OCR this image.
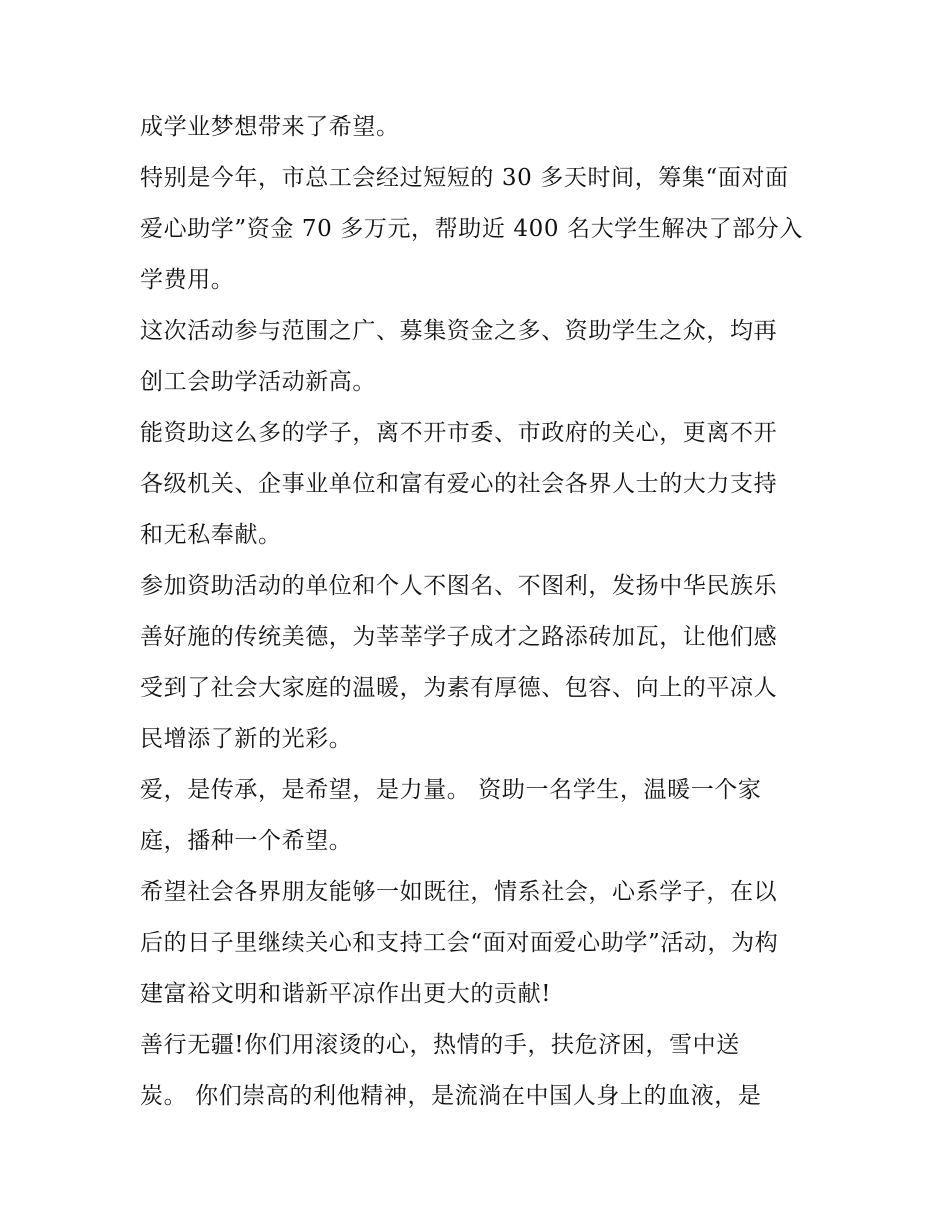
成学业梦想带来了希望。
特别是今年，市总工会经过短短的 30 多天时间，筹集“面对面
爱心助学”资金 70 多万元，帮助近 400 名大学生解决了部分入
学费用。
这次活动参与范围之广、募集资金之多、资助学生之众，均再
创工会助学活动新高。
能资助这么多的学子，离不开市委、市政府的关心，更离不开
各级机关、企事业单位和富有爱心的社会各界人士的大力支持
和无私奉献。
参加资助活动的单位和个人不图名、不图利，发扬中华民族乐
善好施的传统美德，为莘莘学子成才之路添砖加瓦，让他们感
受到了社会大家庭的温暖，为素有厚德、包容、向上的平凉人
民增添了新的光彩。
爱，是传承，是希望，是力量。 资助一名学生，温暖一个家
庭，播种一个希望。
希望社会各界朋友能够一如既往，情系社会，心系学子，在以
后的日子里继续关心和支持工会“面对面爱心助学”活动，为构
建富裕文明和谐新平凉作出更大的贡献!
善行无疆!你们用滚烫的心，热情的手，扶危济困，雪中送
炭。 你们崇高的利他精神，是流淌在中国人身上的血液，是
